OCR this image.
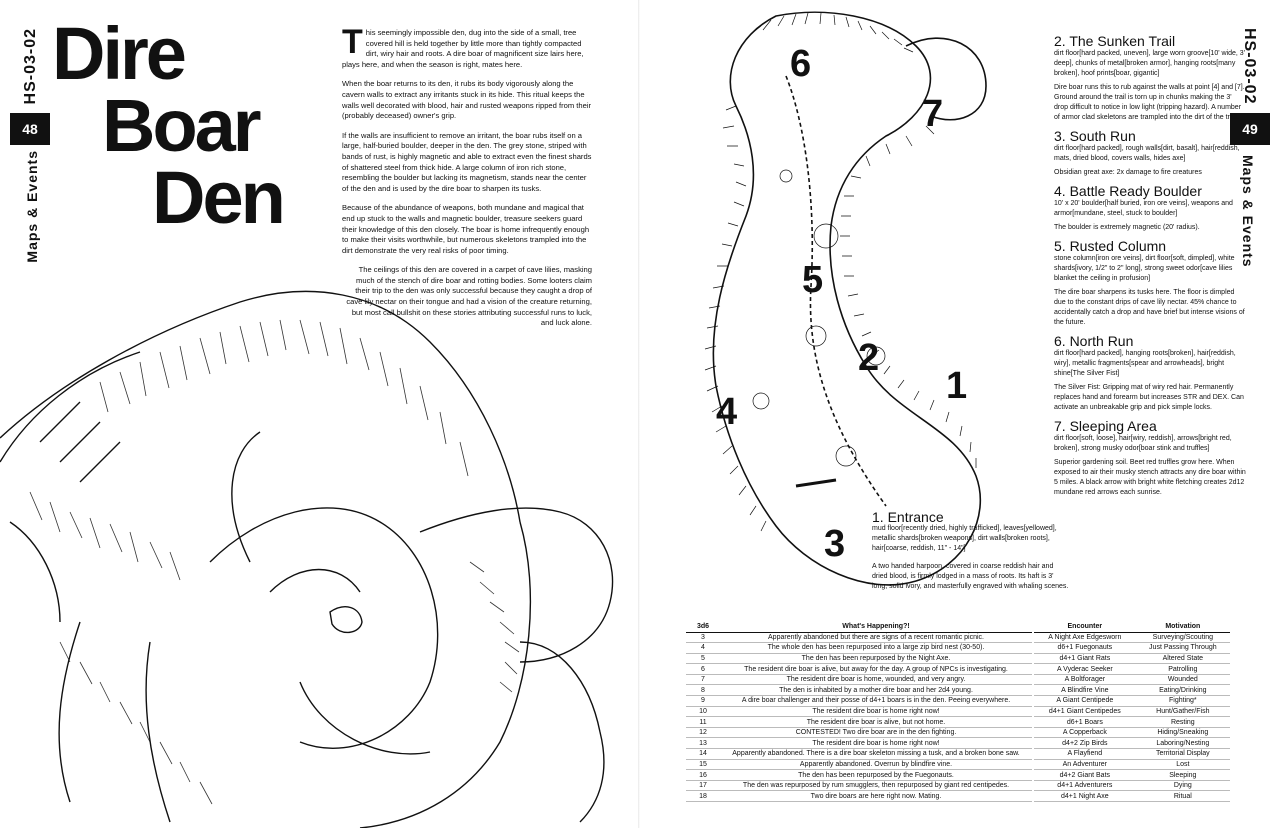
HS-03-02
48
Maps & Events
Dire
Boar
Den

This seemingly impossible den, dug into the side of a small, tree covered hill is held together by little more than tightly compacted dirt, wiry hair and roots. A dire boar of magnificent size lairs here, plays here, and when the season is right, mates here.

When the boar returns to its den, it rubs its body vigorously along the cavern walls to extract any irritants stuck in its hide. This ritual keeps the walls well decorated with blood, hair and rusted weapons ripped from their (probably deceased) owner's grip.

If the walls are insufficient to remove an irritant, the boar rubs itself on a large, half-buried boulder, deeper in the den. The grey stone, striped with bands of rust, is highly magnetic and able to extract even the finest shards of shattered steel from thick hide. A large column of iron rich stone, resembling the boulder but lacking its magnetism, stands near the center of the den and is used by the dire boar to sharpen its tusks.

Because of the abundance of weapons, both mundane and magical that end up stuck to the walls and magnetic boulder, treasure seekers guard their knowledge of this den closely. The boar is home infrequently enough to make their visits worthwhile, but numerous skeletons trampled into the dirt demonstrate the very real risks of poor timing.

The ceilings of this den are covered in a carpet of cave lilies, masking much of the stench of dire boar and rotting bodies. Some looters claim their trip to the den was only successful because they caught a drop of cave lily nectar on their tongue and had a vision of the creature returning, but most call bullshit on these stories attributing successful runs to luck, and luck alone.

HS-03-02
49
Maps & Events
1
2
3
4
5
6
7
1. Entrance

mud floor[recently dried, highly trafficked], leaves[yellowed], metallic shards[broken weapons], dirt walls[broken roots], hair[coarse, reddish, 11" - 14"]

A two handed harpoon, covered in coarse reddish hair and dried blood, is firmly lodged in a mass of roots. Its haft is 3' long, solid ivory, and masterfully engraved with whaling scenes.

2. The Sunken Trail

dirt floor[hard packed, uneven], large worn groove[10' wide, 3' deep], chunks of metal[broken armor], hanging roots[many broken], hoof prints[boar, gigantic]

Dire boar runs this to rub against the walls at point [4] and [7]. Ground around the trail is torn up in chunks making the 3' drop difficult to notice in low light (tripping hazard). A number of armor clad skeletons are trampled into the dirt of the trail.

3. South Run

dirt floor[hard packed], rough walls[dirt, basalt], hair[reddish, mats, dried blood, covers walls, hides axe]

Obsidian great axe: 2x damage to fire creatures

4. Battle Ready Boulder

10' x 20' boulder[half buried, iron ore veins], weapons and armor[mundane, steel, stuck to boulder]

The boulder is extremely magnetic (20' radius).

5. Rusted Column

stone column[iron ore veins], dirt floor[soft, dimpled], white shards[ivory, 1/2" to 2" long], strong sweet odor[cave lilies blanket the ceiling in profusion]

The dire boar sharpens its tusks here. The floor is dimpled due to the constant drips of cave lily nectar. 45% chance to accidentally catch a drop and have brief but intense visions of the future.

6. North Run

dirt floor[hard packed], hanging roots[broken], hair[reddish, wiry], metallic fragments[spear and arrowheads], bright shine[The Silver Fist]

The Silver Fist: Gripping mat of wiry red hair. Permanently replaces hand and forearm but increases STR and DEX. Can activate an unbreakable grip and pick simple locks.

7. Sleeping Area

dirt floor[soft, loose], hair[wiry, reddish], arrows[bright red, broken], strong musky odor[boar stink and truffles]

Superior gardening soil. Beet red truffles grow here. When exposed to air their musky stench attracts any dire boar within 5 miles. A black arrow with bright white fletching creates 2d12 mundane red arrows each sunrise.

3d6	What's Happening?!
3	Apparently abandoned but there are signs of a recent romantic picnic.
4	The whole den has been repurposed into a large zip bird nest (30-50).
5	The den has been repurposed by the Night Axe.
6	The resident dire boar is alive, but away for the day. A group of NPCs is investigating.
7	The resident dire boar is home, wounded, and very angry.
8	The den is inhabited by a mother dire boar and her 2d4 young.
9	A dire boar challenger and their posse of d4+1 boars is in the den. Peeing everywhere.
10	The resident dire boar is home right now!
11	The resident dire boar is alive, but not home.
12	CONTESTED! Two dire boar are in the den fighting.
13	The resident dire boar is home right now!
14	Apparently abandoned. There is a dire boar skeleton missing a tusk, and a broken bone saw.
15	Apparently abandoned. Overrun by blindfire vine.
16	The den has been repurposed by the Fuegonauts.
17	The den was repurposed by rum smugglers, then repurposed by giant red centipedes.
18	Two dire boars are here right now. Mating.
Encounter	Motivation
A Night Axe Edgesworn	Surveying/Scouting
d6+1 Fuegonauts	Just Passing Through
d4+1 Giant Rats	Altered State
A Vyderac Seeker	Patrolling
A Boltforager	Wounded
A Blindfire Vine	Eating/Drinking
A Giant Centipede	Fighting*
d4+1 Giant Centipedes	Hunt/Gather/Fish
d6+1 Boars	Resting
A Copperback	Hiding/Sneaking
d4+2 Zip Birds	Laboring/Nesting
A Flayfiend	Territorial Display
An Adventurer	Lost
d4+2 Giant Bats	Sleeping
d4+1 Adventurers	Dying
d4+1 Night Axe	Ritual
